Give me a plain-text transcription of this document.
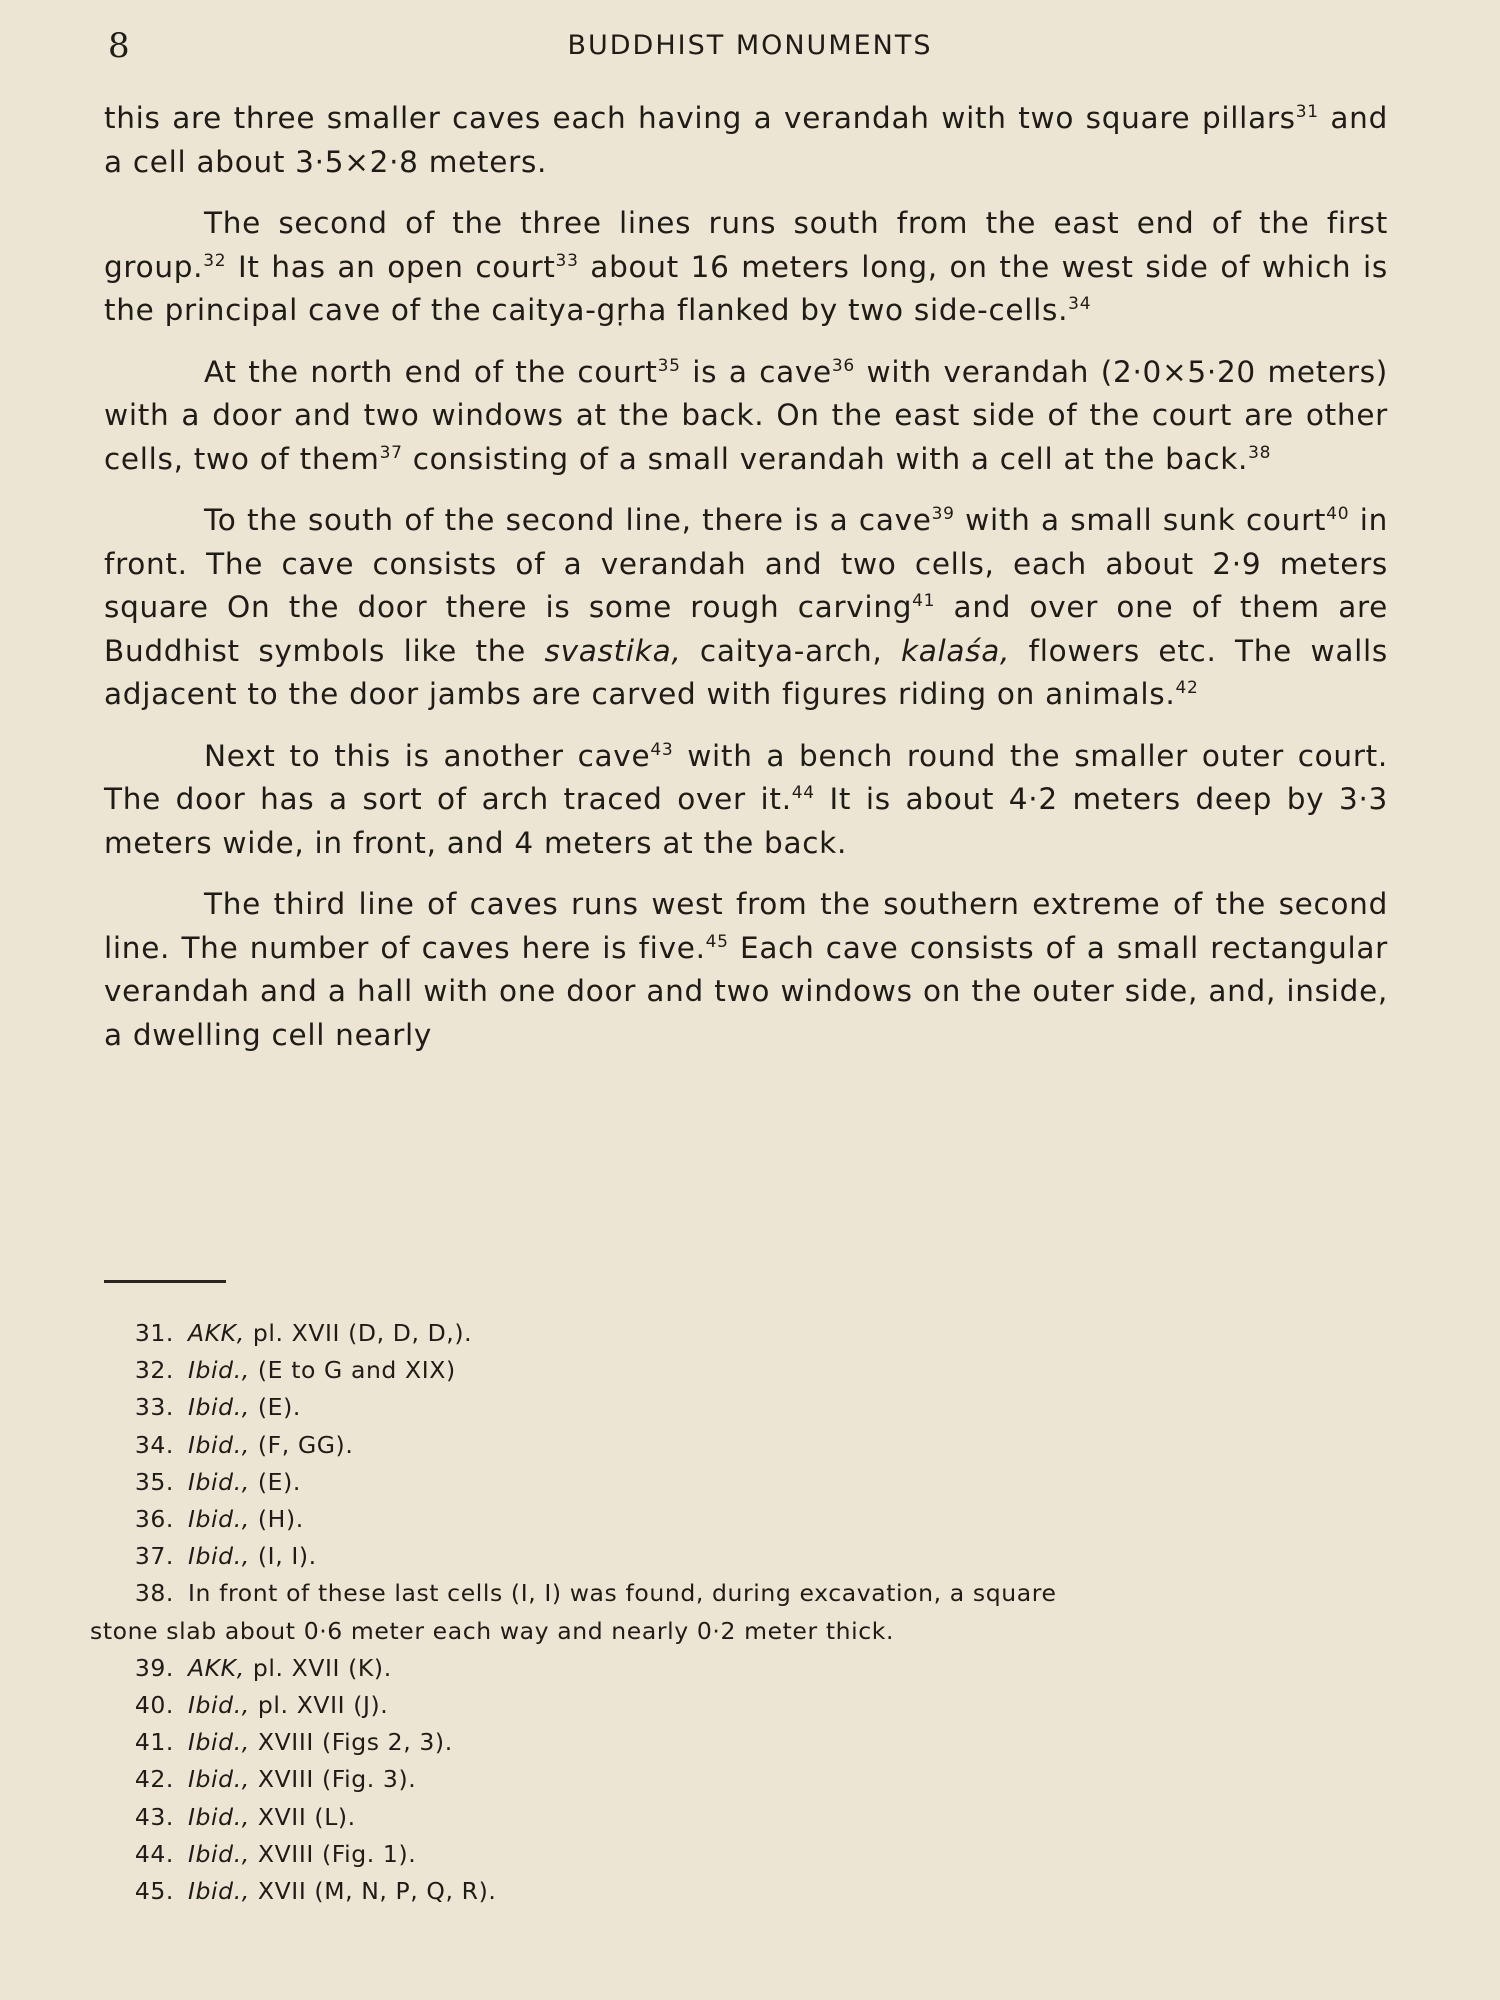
8	BUDDHIST MONUMENTS

this are three smaller caves each having a verandah with two square pillars$^{31}$ and a cell about 3·5×2·8 meters.

The second of the three lines runs south from the east end of the first group.$^{32}$ It has an open court$^{33}$ about 16 meters long, on the west side of which is the principal cave of the caitya-gṛha flanked by two side-cells.$^{34}$

At the north end of the court$^{35}$ is a cave$^{36}$ with verandah (2·0×5·20 meters) with a door and two windows at the back. On the east side of the court are other cells, two of them$^{37}$ consisting of a small verandah with a cell at the back.$^{38}$

To the south of the second line, there is a cave$^{39}$ with a small sunk court$^{40}$ in front. The cave consists of a verandah and two cells, each about 2·9 meters square On the door there is some rough carving$^{41}$ and over one of them are Buddhist symbols like the svastika, caitya-arch, kalaśa, flowers etc. The walls adjacent to the door jambs are carved with figures riding on animals.$^{42}$

Next to this is another cave$^{43}$ with a bench round the smaller outer court. The door has a sort of arch traced over it.$^{44}$ It is about 4·2 meters deep by 3·3 meters wide, in front, and 4 meters at the back.

The third line of caves runs west from the southern extreme of the second line. The number of caves here is five.$^{45}$ Each cave consists of a small rectangular verandah and a hall with one door and two windows on the outer side, and, inside, a dwelling cell nearly

31. AKK, pl. XVII (D, D, D,).
32. Ibid., (E to G and XIX)
33. Ibid., (E).
34. Ibid., (F, GG).
35. Ibid., (E).
36. Ibid., (H).
37. Ibid., (I, I).
38. In front of these last cells (I, I) was found, during excavation, a square
stone slab about 0·6 meter each way and nearly 0·2 meter thick.
39. AKK, pl. XVII (K).
40. Ibid., pl. XVII (J).
41. Ibid., XVIII (Figs 2, 3).
42. Ibid., XVIII (Fig. 3).
43. Ibid., XVII (L).
44. Ibid., XVIII (Fig. 1).
45. Ibid., XVII (M, N, P, Q, R).
